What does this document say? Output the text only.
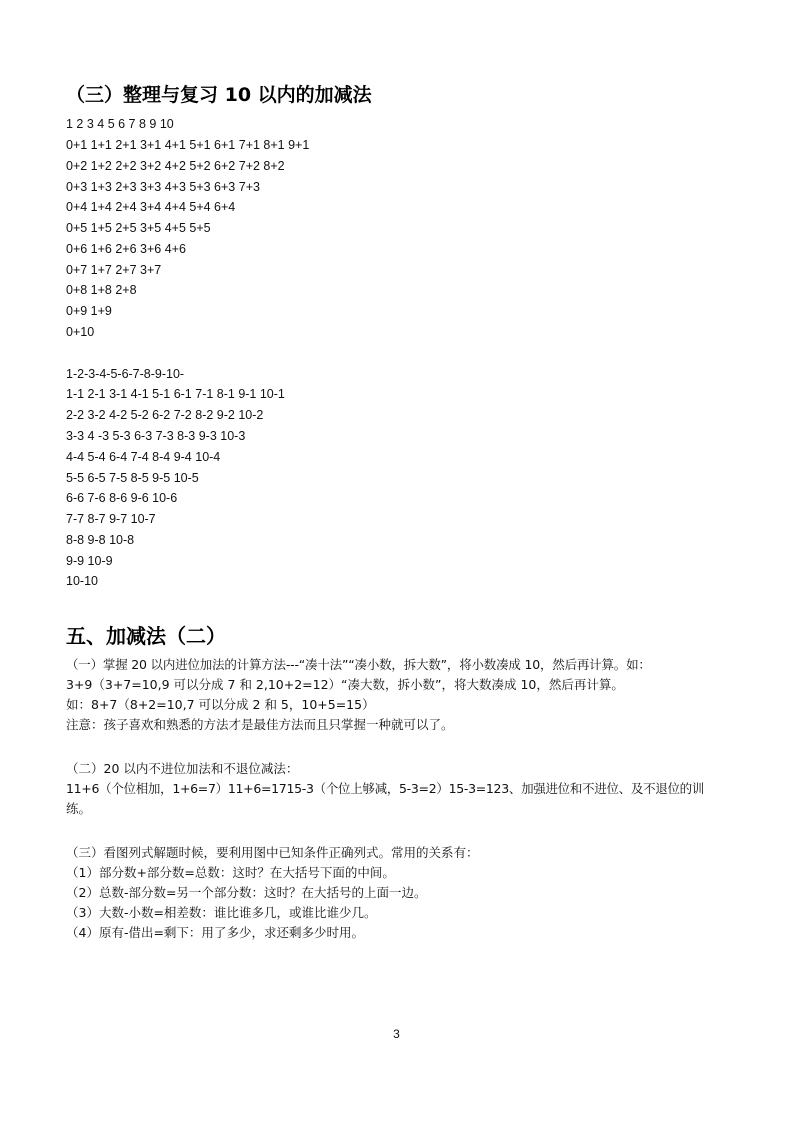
（三）整理与复习 10 以内的加减法

1 2 3 4 5 6 7 8 9 10

0+1 1+1 2+1 3+1 4+1 5+1 6+1 7+1 8+1 9+1

0+2 1+2 2+2 3+2 4+2 5+2 6+2 7+2 8+2

0+3 1+3 2+3 3+3 4+3 5+3 6+3 7+3

0+4 1+4 2+4 3+4 4+4 5+4 6+4

0+5 1+5 2+5 3+5 4+5 5+5

0+6 1+6 2+6 3+6 4+6

0+7 1+7 2+7 3+7

0+8 1+8 2+8

0+9 1+9

0+10

1-2-3-4-5-6-7-8-9-10-

1-1 2-1 3-1 4-1 5-1 6-1 7-1 8-1 9-1 10-1

2-2 3-2 4-2 5-2 6-2 7-2 8-2 9-2 10-2

3-3 4 -3 5-3 6-3 7-3 8-3 9-3 10-3

4-4 5-4 6-4 7-4 8-4 9-4 10-4

5-5 6-5 7-5 8-5 9-5 10-5

6-6 7-6 8-6 9-6 10-6

7-7 8-7 9-7 10-7

8-8 9-8 10-8

9-9 10-9

10-10

五、加减法（二）
（一）掌握 20 以内进位加法的计算方法---“凑十法”“凑小数，拆大数”，将小数凑成 10，然后再计算。如：
3+9（3+7=10,9 可以分成 7 和 2,10+2=12）“凑大数，拆小数”，将大数凑成 10，然后再计算。
如：8+7（8+2=10,7 可以分成 2 和 5，10+5=15）
注意：孩子喜欢和熟悉的方法才是最佳方法而且只掌握一种就可以了。
（二）20 以内不进位加法和不退位减法：
11+6（个位相加，1+6=7）11+6=1715-3（个位上够减，5-3=2）15-3=123、加强进位和不进位、及不退位的训
练。
（三）看图列式解题时候，要利用图中已知条件正确列式。常用的关系有：
（1）部分数+部分数=总数：这时？在大括号下面的中间。
（2）总数-部分数=另一个部分数：这时？在大括号的上面一边。
（3）大数-小数=相差数：谁比谁多几，或谁比谁少几。
（4）原有-借出=剩下：用了多少，求还剩多少时用。
3
